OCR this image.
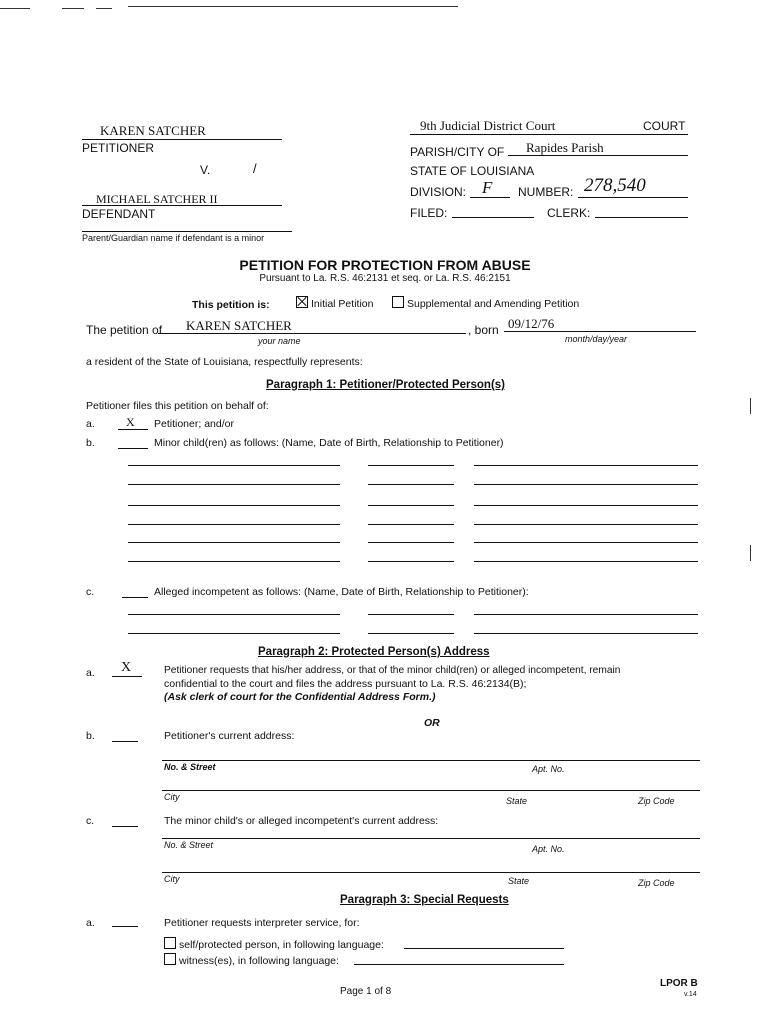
KAREN SATCHER
PETITIONER
V.	/
MICHAEL SATCHER II
DEFENDANT
Parent/Guardian name if defendant is a minor
9th Judicial District Court	COURT
PARISH/CITY OF Rapides Parish
STATE OF LOUISIANA
DIVISION: F NUMBER: 278,540
FILED:	CLERK:
PETITION FOR PROTECTION FROM ABUSE
Pursuant to La. R.S. 46:2131 et seq. or La. R.S. 46:2151
This petition is:	Initial Petition	Supplemental and Amending Petition
The petition of KAREN SATCHER
your name
, born 09/12/76
month/day/year
a resident of the State of Louisiana, respectfully represents:
Paragraph 1: Petitioner/Protected Person(s)
Petitioner files this petition on behalf of:
a.	X Petitioner; and/or
b.	Minor child(ren) as follows: (Name, Date of Birth, Relationship to Petitioner)
c.	Alleged incompetent as follows: (Name, Date of Birth, Relationship to Petitioner):
Paragraph 2: Protected Person(s) Address
a. X	Petitioner requests that his/her address, or that of the minor child(ren) or alleged incompetent, remain
confidential to the court and files the address pursuant to La. R.S. 46:2134(B);
(Ask clerk of court for the Confidential Address Form.)
OR
b.	Petitioner's current address:
No. & Street	Apt. No.
City	State	Zip Code
c.	The minor child's or alleged incompetent's current address:
No. & Street	Apt. No.
City	State	Zip Code
Paragraph 3: Special Requests
a.	Petitioner requests interpreter service, for:
self/protected person, in following language:
witness(es), in following language:
Page 1 of 8
LPOR B
v.14
